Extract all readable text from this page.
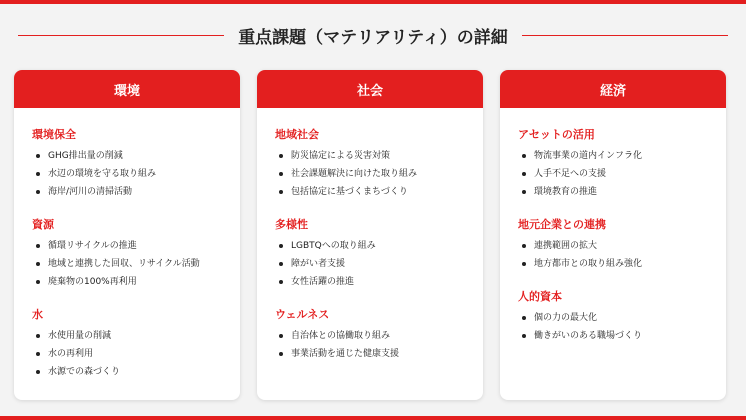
重点課題（マテリアリティ）の詳細
環境
環境保全
GHG排出量の削減
水辺の環境を守る取り組み
海岸/河川の清掃活動
資源
循環リサイクルの推進
地域と連携した回収、リサイクル活動
廃棄物の100%再利用
水
水使用量の削減
水の再利用
水源での森づくり
社会
地域社会
防災協定による災害対策
社会課題解決に向けた取り組み
包括協定に基づくまちづくり
多様性
LGBTQへの取り組み
障がい者支援
女性活躍の推進
ウェルネス
自治体との協働取り組み
事業活動を通じた健康支援
経済
アセットの活用
物流事業の道内インフラ化
人手不足への支援
環境教育の推進
地元企業との連携
連携範囲の拡大
地方都市との取り組み強化
人的資本
個の力の最大化
働きがいのある職場づくり
